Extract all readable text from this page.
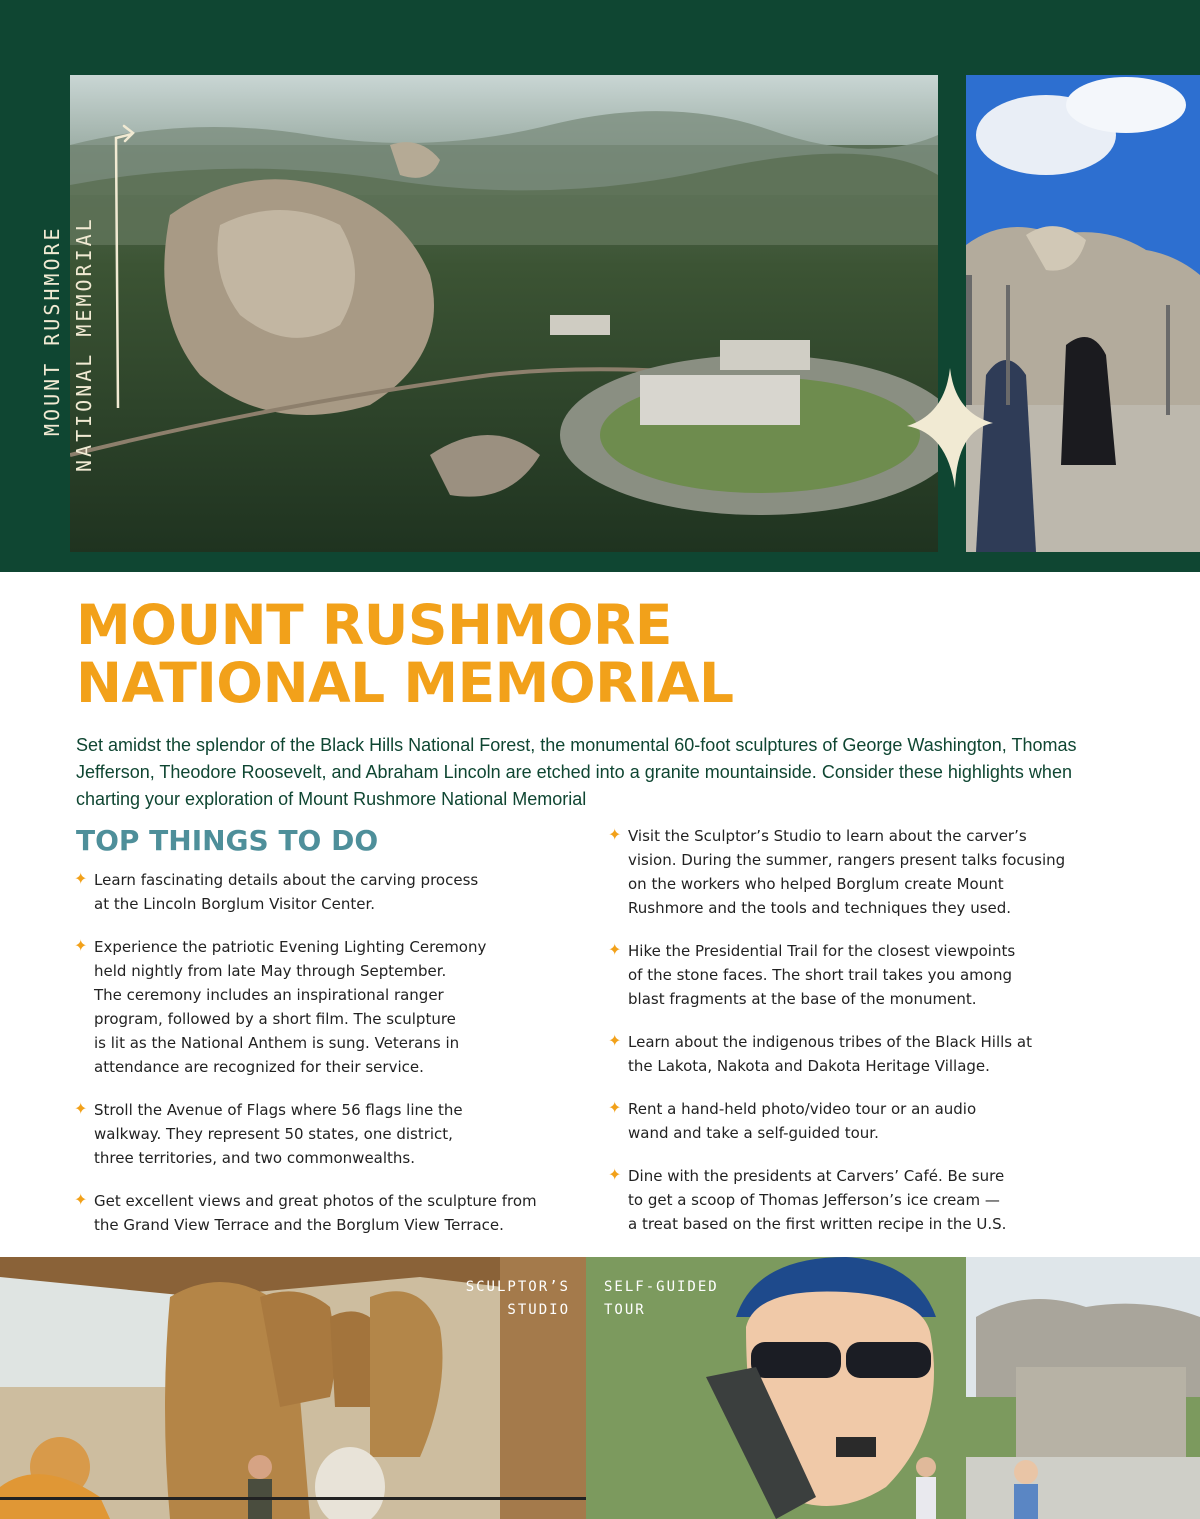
MOUNT RUSHMORE NATIONAL MEMORIAL
MOUNT RUSHMORE
NATIONAL MEMORIAL

Set amidst the splendor of the Black Hills National Forest, the monumental 60-foot sculptures of George Washington, Thomas Jefferson, Theodore Roosevelt, and Abraham Lincoln are etched into a granite mountainside. Consider these highlights when charting your exploration of Mount Rushmore National Memorial

TOP THINGS TO DO
✦ Learn fascinating details about the carving process
at the Lincoln Borglum Visitor Center.
✦ Experience the patriotic Evening Lighting Ceremony
held nightly from late May through September.
The ceremony includes an inspirational ranger
program, followed by a short film. The sculpture
is lit as the National Anthem is sung. Veterans in
attendance are recognized for their service.
✦ Stroll the Avenue of Flags where 56 flags line the
walkway. They represent 50 states, one district,
three territories, and two commonwealths.
✦ Get excellent views and great photos of the sculpture from
the Grand View Terrace and the Borglum View Terrace.
✦ Visit the Sculptor’s Studio to learn about the carver’s
vision. During the summer, rangers present talks focusing
on the workers who helped Borglum create Mount
Rushmore and the tools and techniques they used.
✦ Hike the Presidential Trail for the closest viewpoints
of the stone faces. The short trail takes you among
blast fragments at the base of the monument.
✦ Learn about the indigenous tribes of the Black Hills at
the Lakota, Nakota and Dakota Heritage Village.
✦ Rent a hand-held photo/video tour or an audio
wand and take a self-guided tour.
✦ Dine with the presidents at Carvers’ Café. Be sure
to get a scoop of Thomas Jefferson’s ice cream —
a treat based on the first written recipe in the U.S.
SCULPTOR’S
STUDIO
SELF-GUIDED
TOUR
